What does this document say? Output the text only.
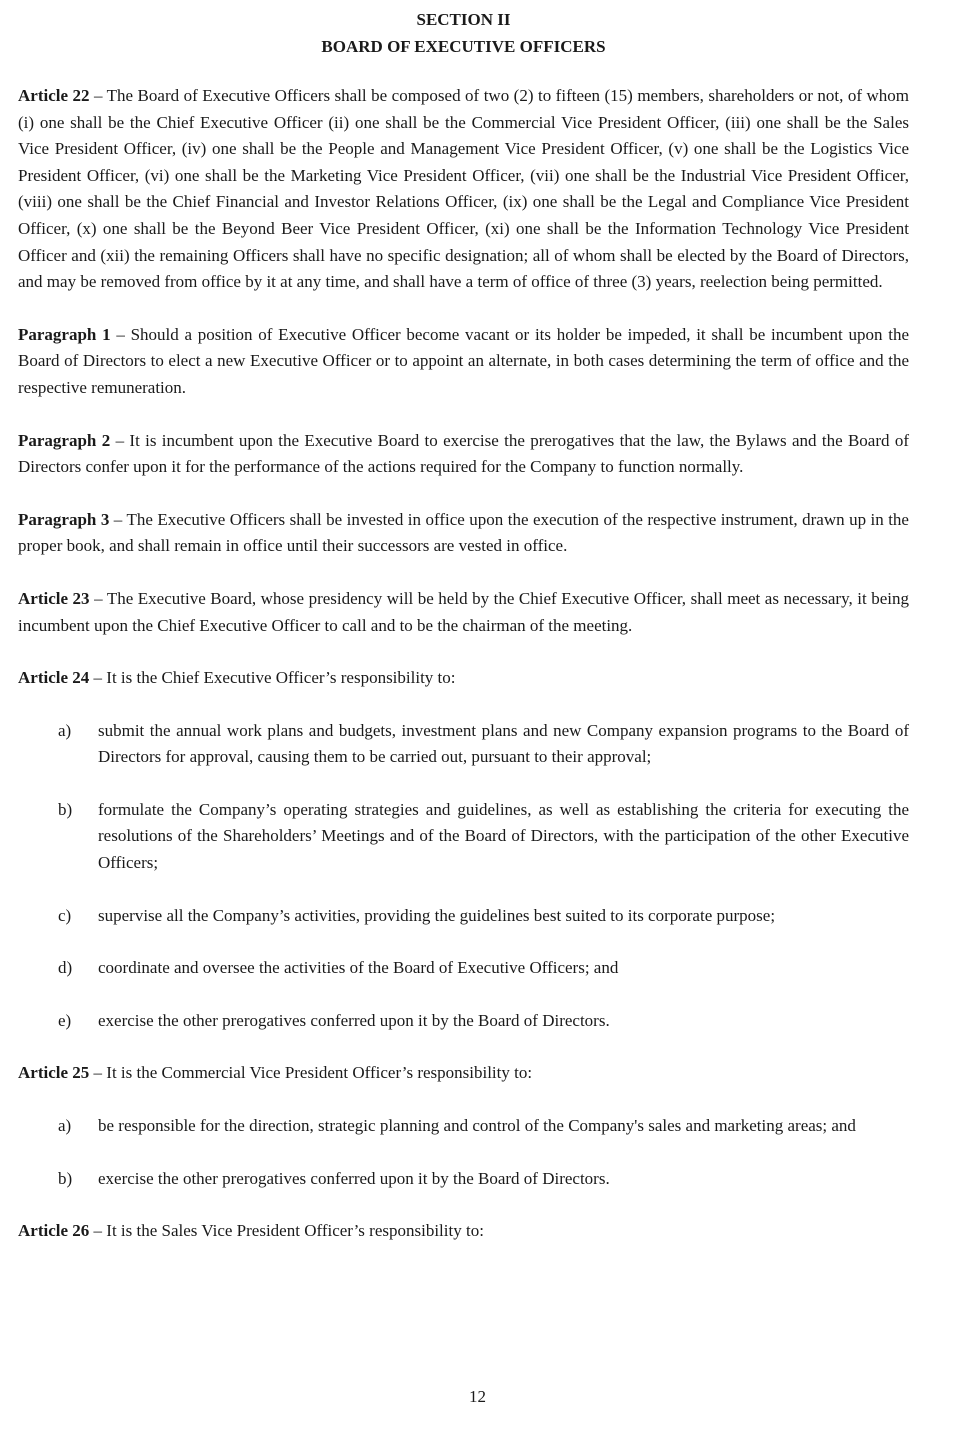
SECTION II
BOARD OF EXECUTIVE OFFICERS

Article 22 – The Board of Executive Officers shall be composed of two (2) to fifteen (15) members, shareholders or not, of whom (i) one shall be the Chief Executive Officer (ii) one shall be the Commercial Vice President Officer, (iii) one shall be the Sales Vice President Officer, (iv) one shall be the People and Management Vice President Officer, (v) one shall be the Logistics Vice President Officer, (vi) one shall be the Marketing Vice President Officer, (vii) one shall be the Industrial Vice President Officer, (viii) one shall be the Chief Financial and Investor Relations Officer, (ix) one shall be the Legal and Compliance Vice President Officer, (x) one shall be the Beyond Beer Vice President Officer, (xi) one shall be the Information Technology Vice President Officer and (xii) the remaining Officers shall have no specific designation; all of whom shall be elected by the Board of Directors, and may be removed from office by it at any time, and shall have a term of office of three (3) years, reelection being permitted.

Paragraph 1 – Should a position of Executive Officer become vacant or its holder be impeded, it shall be incumbent upon the Board of Directors to elect a new Executive Officer or to appoint an alternate, in both cases determining the term of office and the respective remuneration.

Paragraph 2 – It is incumbent upon the Executive Board to exercise the prerogatives that the law, the Bylaws and the Board of Directors confer upon it for the performance of the actions required for the Company to function normally.

Paragraph 3 – The Executive Officers shall be invested in office upon the execution of the respective instrument, drawn up in the proper book, and shall remain in office until their successors are vested in office.

Article 23 – The Executive Board, whose presidency will be held by the Chief Executive Officer, shall meet as necessary, it being incumbent upon the Chief Executive Officer to call and to be the chairman of the meeting.

Article 24 – It is the Chief Executive Officer’s responsibility to:

a)	submit the annual work plans and budgets, investment plans and new Company expansion programs to the Board of Directors for approval, causing them to be carried out, pursuant to their approval;
b)	formulate the Company’s operating strategies and guidelines, as well as establishing the criteria for executing the resolutions of the Shareholders’ Meetings and of the Board of Directors, with the participation of the other Executive Officers;
c)	supervise all the Company’s activities, providing the guidelines best suited to its corporate purpose;
d)	coordinate and oversee the activities of the Board of Executive Officers; and
e)	exercise the other prerogatives conferred upon it by the Board of Directors.

Article 25 – It is the Commercial Vice President Officer’s responsibility to:

a)	be responsible for the direction, strategic planning and control of the Company's sales and marketing areas; and
b)	exercise the other prerogatives conferred upon it by the Board of Directors.

Article 26 – It is the Sales Vice President Officer’s responsibility to:

12
